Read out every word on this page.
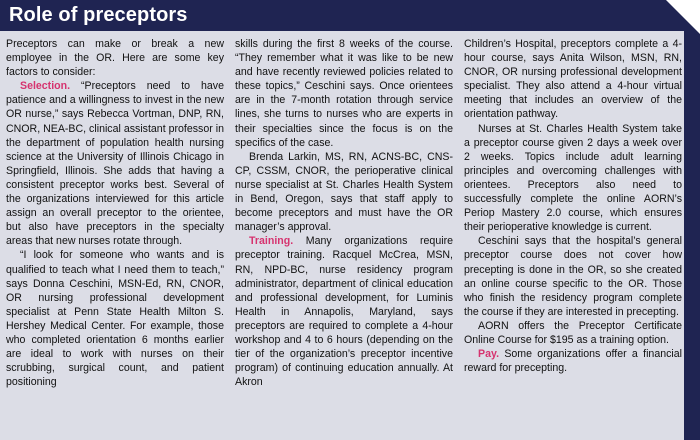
Role of preceptors

Preceptors can make or break a new employee in the OR. Here are some key factors to consider:

Selection. “Preceptors need to have patience and a willingness to invest in the new OR nurse,” says Rebecca Vortman, DNP, RN, CNOR, NEA-BC, clinical assistant professor in the department of population health nursing science at the University of Illinois Chicago in Springfield, Illinois. She adds that having a consistent preceptor works best. Several of the organizations interviewed for this article assign an overall preceptor to the orientee, but also have preceptors in the specialty areas that new nurses rotate through.

“I look for someone who wants and is qualified to teach what I need them to teach,” says Donna Ceschini, MSN-Ed, RN, CNOR, OR nursing professional development specialist at Penn State Health Milton S. Hershey Medical Center. For example, those who completed orientation 6 months earlier are ideal to work with nurses on their scrubbing, surgical count, and patient positioning

skills during the first 8 weeks of the course. “They remember what it was like to be new and have recently reviewed policies related to these topics,” Ceschini says. Once orientees are in the 7-month rotation through service lines, she turns to nurses who are experts in their specialties since the focus is on the specifics of the case.

Brenda Larkin, MS, RN, ACNS-BC, CNS-CP, CSSM, CNOR, the perioperative clinical nurse specialist at St. Charles Health System in Bend, Oregon, says that staff apply to become preceptors and must have the OR manager’s approval.

Training. Many organizations require preceptor training. Racquel McCrea, MSN, RN, NPD-BC, nurse residency program administrator, department of clinical education and professional development, for Luminis Health in Annapolis, Maryland, says preceptors are required to complete a 4-hour workshop and 4 to 6 hours (depending on the tier of the organization’s preceptor incentive program) of continuing education annually. At Akron

Children’s Hospital, preceptors complete a 4-hour course, says Anita Wilson, MSN, RN, CNOR, OR nursing professional development specialist. They also attend a 4-hour virtual meeting that includes an overview of the orientation pathway.

Nurses at St. Charles Health System take a preceptor course given 2 days a week over 2 weeks. Topics include adult learning principles and overcoming challenges with orientees. Preceptors also need to successfully complete the online AORN’s Periop Mastery 2.0 course, which ensures their perioperative knowledge is current.

Ceschini says that the hospital’s general preceptor course does not cover how precepting is done in the OR, so she created an online course specific to the OR. Those who finish the residency program complete the course if they are interested in precepting.

AORN offers the Preceptor Certificate Online Course for $195 as a training option.

Pay. Some organizations offer a financial reward for precepting.
